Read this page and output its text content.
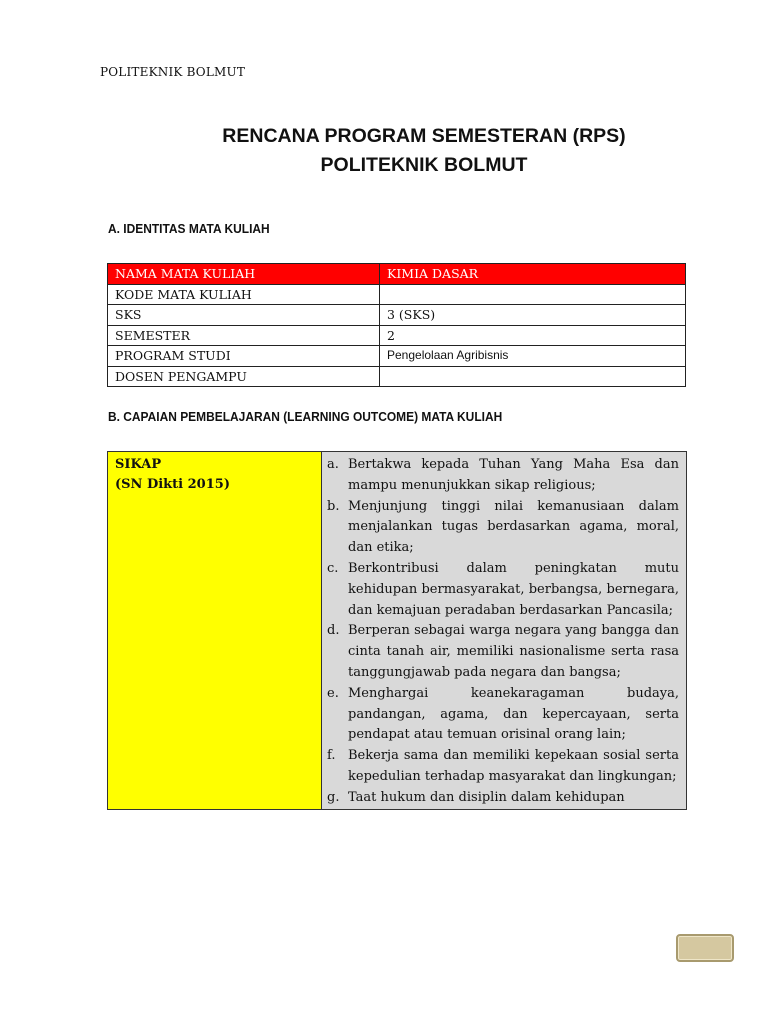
POLITEKNIK BOLMUT
RENCANA PROGRAM SEMESTERAN (RPS)
POLITEKNIK BOLMUT
A. IDENTITAS MATA KULIAH
NAMA MATA KULIAH	KIMIA DASAR
KODE MATA KULIAH	
SKS	3 (SKS)
SEMESTER	2
PROGRAM STUDI	Pengelolaan Agribisnis
DOSEN PENGAMPU	
B. CAPAIAN PEMBELAJARAN (LEARNING OUTCOME) MATA KULIAH
SIKAP
(SN Dikti 2015)

a. Bertakwa kepada Tuhan Yang Maha Esa dan mampu menunjukkan sikap religious;
b. Menjunjung tinggi nilai kemanusiaan dalam menjalankan tugas berdasarkan agama, moral, dan etika;
c. Berkontribusi dalam peningkatan mutu kehidupan bermasyarakat, berbangsa, bernegara, dan kemajuan peradaban berdasarkan Pancasila;
d. Berperan sebagai warga negara yang bangga dan cinta tanah air, memiliki nasionalisme serta rasa tanggungjawab pada negara dan bangsa;
e. Menghargai keanekaragaman budaya, pandangan, agama, dan kepercayaan, serta pendapat atau temuan orisinal orang lain;
f. Bekerja sama dan memiliki kepekaan sosial serta kepedulian terhadap masyarakat dan lingkungan;
g. Taat hukum dan disiplin dalam kehidupan
